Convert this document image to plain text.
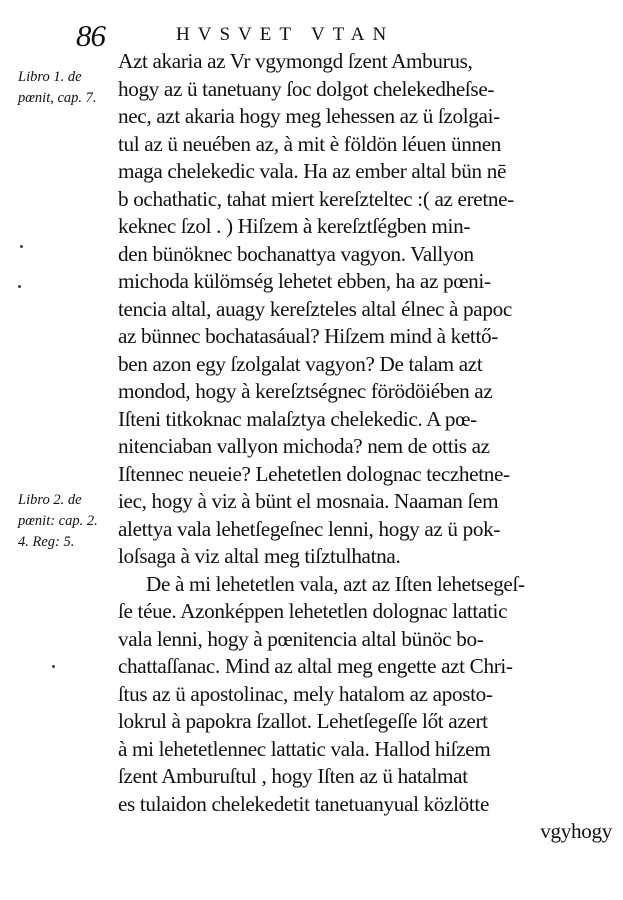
86	HVSVET VTAN
Libro 1. de
pœnit, cap. 7.
Libro 2. de
pœnit: cap. 2.
4. Reg: 5.
Azt akaria az Vr vgymongd ſzent Amburus,
hogy az ü tanetuany ſoc dolgot chelekedheſse-
nec, azt akaria hogy meg lehessen az ü ſzolgai-
tul az ü neuében az, à mit è földön léuen ünnen
maga chelekedic vala. Ha az ember altal bün nē
b ochathatic, tahat miert kereſzteltec :( az eretne-
keknec ſzol . ) Hiſzem à kereſztſégben min-
den bünöknec bochanattya vagyon. Vallyon
michoda külömség lehetet ebben, ha az pœni-
tencia altal, auagy kereſzteles altal élnec à papoc
az bünnec bochatasáual? Hiſzem mind à kettő-
ben azon egy ſzolgalat vagyon? De talam azt
mondod, hogy à kereſztségnec förödöiében az
Iſteni titkoknac malaſztya chelekedic. A pœ-
nitenciaban vallyon michoda? nem de ottis az
Iſtennec neueie? Lehetetlen dolognac teczhetne-
iec, hogy à viz à bünt el mosnaia. Naaman ſem
alettya vala lehetſegeſnec lenni, hogy az ü pok-
loſsaga à viz altal meg tiſztulhatna.
De à mi lehetetlen vala, azt az Iſten lehetsegeſ-
ſe téue. Azonképpen lehetetlen dolognac lattatic
vala lenni, hogy à pœnitencia altal bünöc bo-
chattaſſanac. Mind az altal meg engette azt Chri-
ſtus az ü apostolinac, mely hatalom az aposto-
lokrul à papokra ſzallot. Lehetſegeſſe lőt azert
à mi lehetetlennec lattatic vala. Hallod hiſzem
ſzent Amburuſtul , hogy Iſten az ü hatalmat
es tulaidon chelekedetit tanetuanyual közlötte
vgyhogy
